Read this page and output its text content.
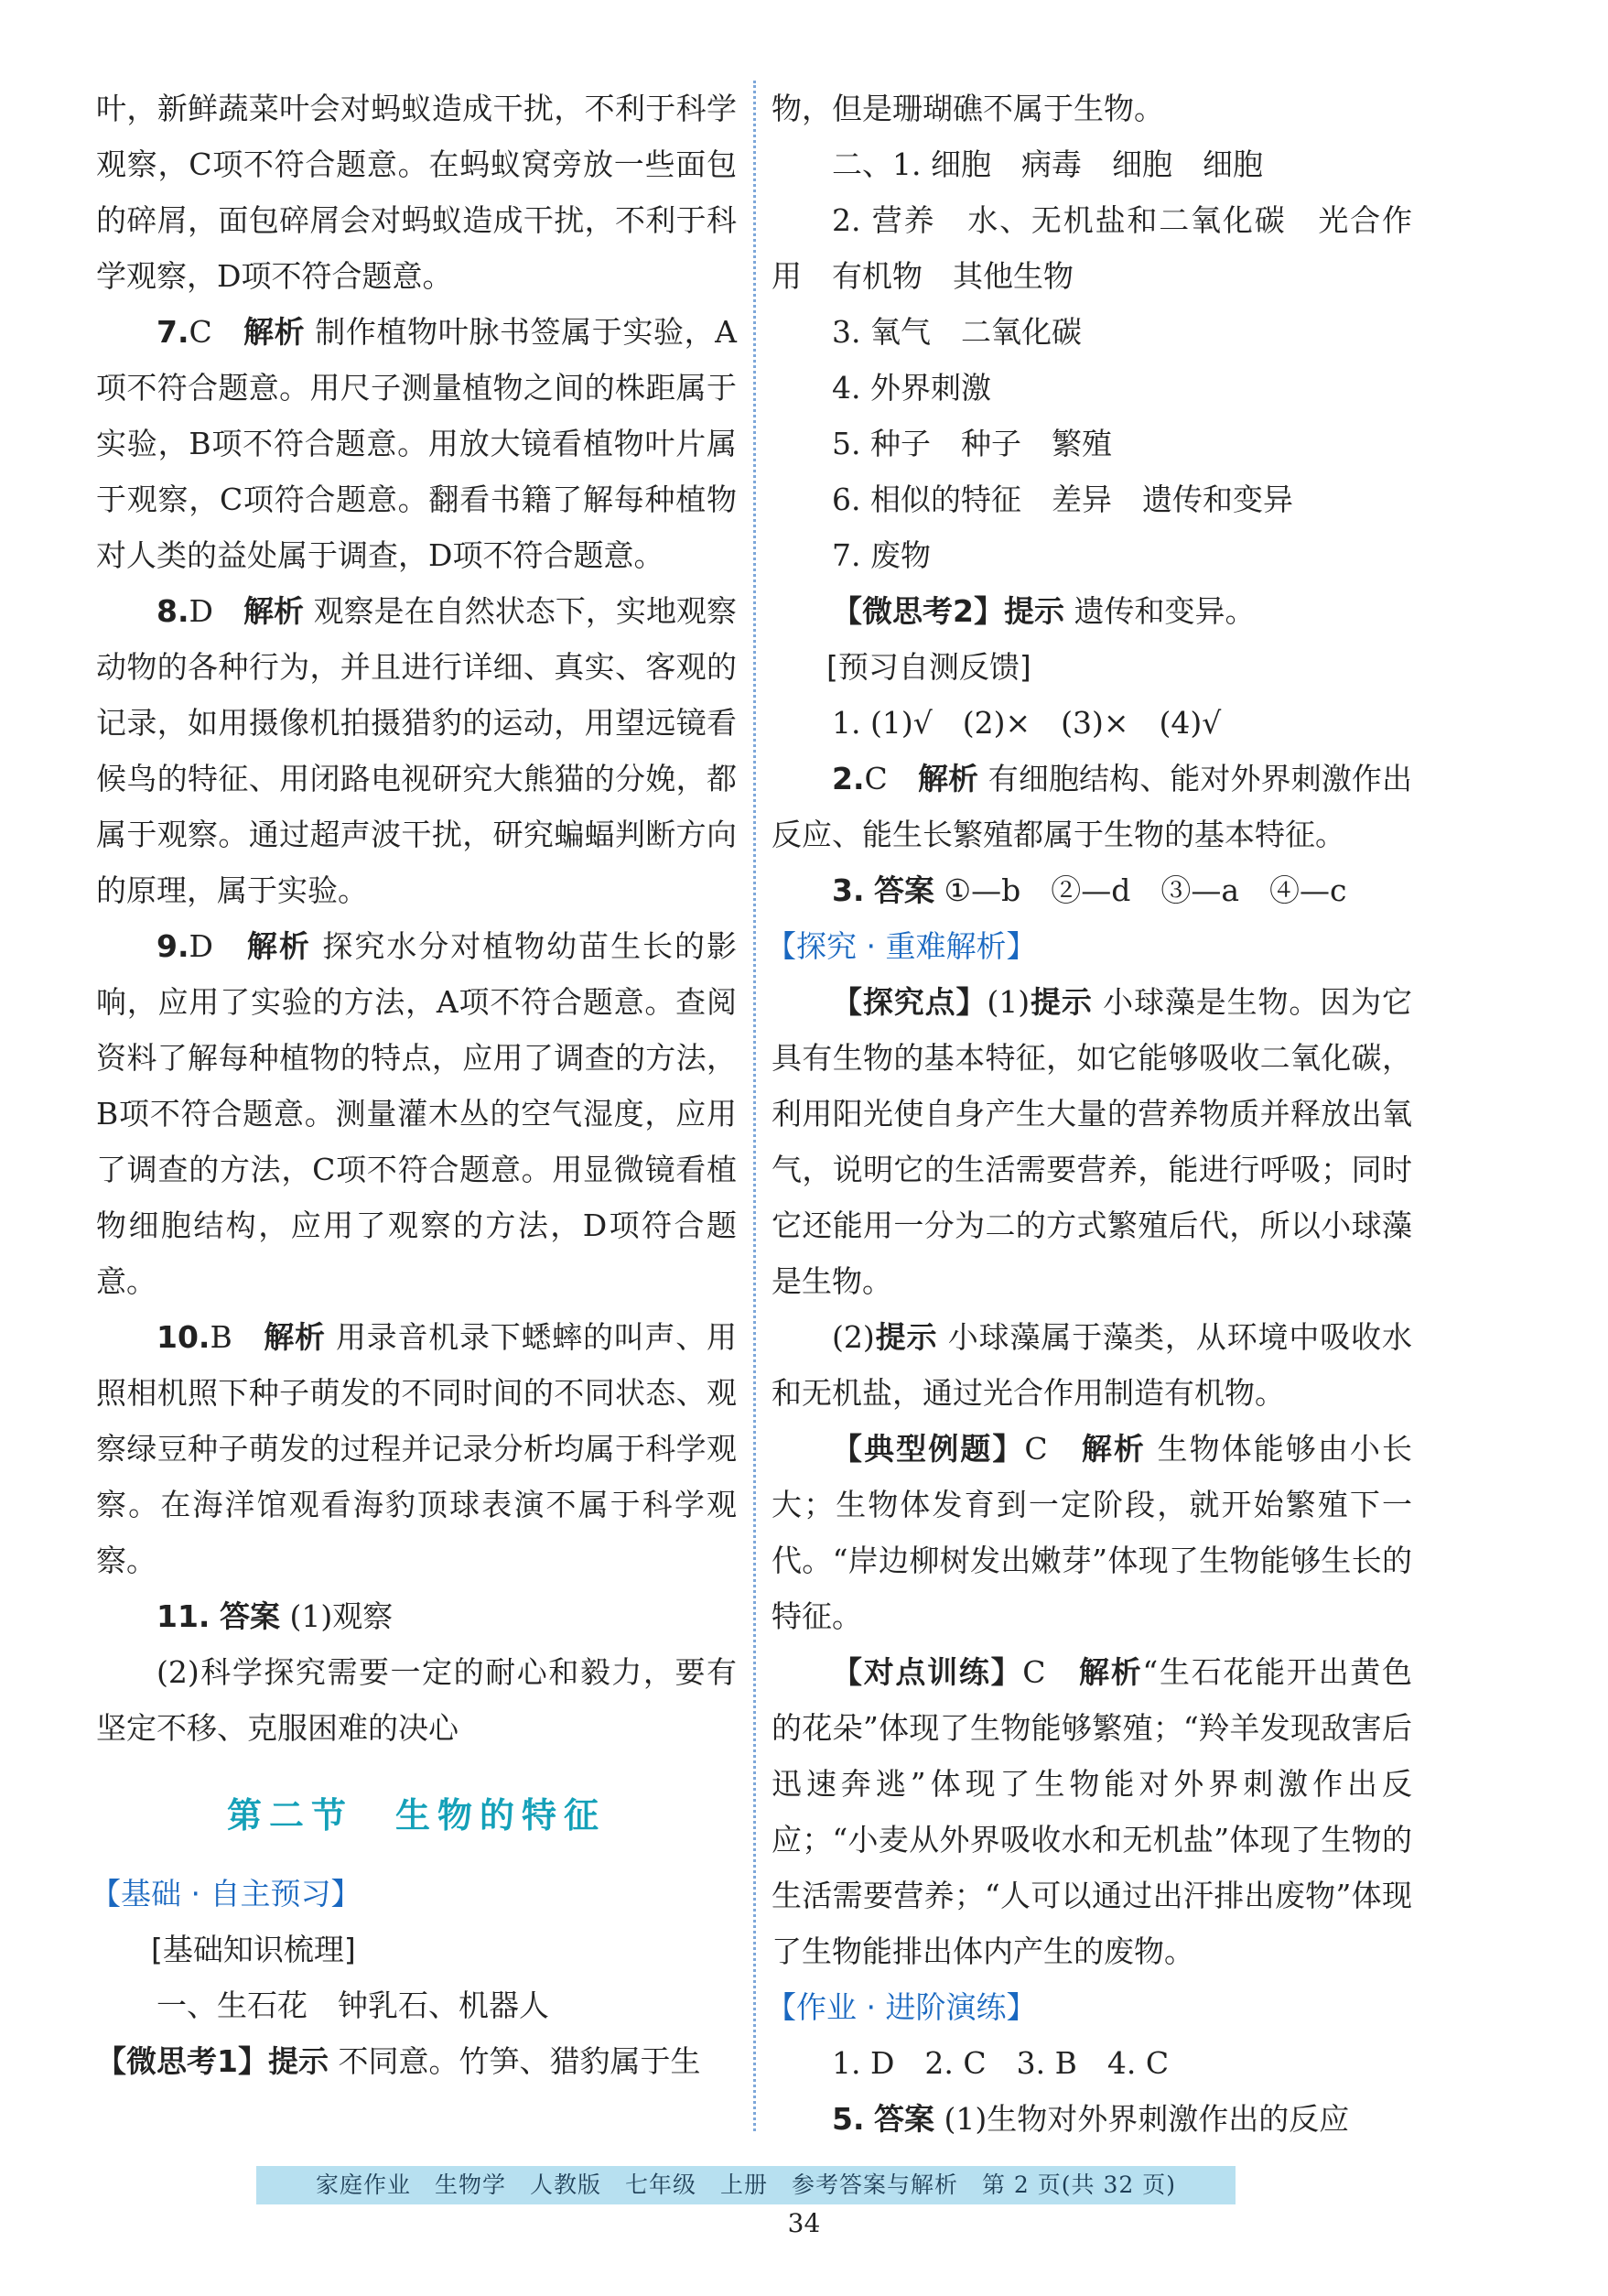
叶，新鲜蔬菜叶会对蚂蚁造成干扰，不利于科学观察，C项不符合题意。在蚂蚁窝旁放一些面包的碎屑，面包碎屑会对蚂蚁造成干扰，不利于科学观察，D项不符合题意。

7.C　 解析 制作植物叶脉书签属于实验，A项不符合题意。用尺子测量植物之间的株距属于实验，B项不符合题意。用放大镜看植物叶片属于观察，C项符合题意。翻看书籍了解每种植物对人类的益处属于调查，D项不符合题意。

8.D　 解析 观察是在自然状态下，实地观察动物的各种行为，并且进行详细、真实、客观的记录，如用摄像机拍摄猎豹的运动，用望远镜看候鸟的特征、用闭路电视研究大熊猫的分娩，都属于观察。通过超声波干扰，研究蝙蝠判断方向的原理，属于实验。

9.D　 解析 探究水分对植物幼苗生长的影响，应用了实验的方法，A项不符合题意。查阅资料了解每种植物的特点，应用了调查的方法，B项不符合题意。测量灌木丛的空气湿度，应用了调查的方法，C项不符合题意。用显微镜看植物细胞结构，应用了观察的方法，D项符合题意。

10.B　 解析 用录音机录下蟋蟀的叫声、用照相机照下种子萌发的不同时间的不同状态、观察绿豆种子萌发的过程并记录分析均属于科学观察。在海洋馆观看海豹顶球表演不属于科学观察。

11. 答案 (1)观察

(2)科学探究需要一定的耐心和毅力，要有坚定不移、克服困难的决心

第二节　生物的特征

【基础 · 自主预习】

[基础知识梳理]

一、生石花　钟乳石、机器人

【微思考1】提示 不同意。竹笋、猎豹属于生

物，但是珊瑚礁不属于生物。

二、1. 细胞　病毒　细胞　细胞

2. 营养　水、无机盐和二氧化碳　光合作用　有机物　其他生物

3. 氧气　二氧化碳

4. 外界刺激

5. 种子　种子　繁殖

6. 相似的特征　差异　遗传和变异

7. 废物

【微思考2】提示 遗传和变异。

[预习自测反馈]

1. (1)√　(2)×　(3)×　(4)√

2.C　 解析 有细胞结构、能对外界刺激作出反应、能生长繁殖都属于生物的基本特征。

3. 答案 ①—b　②—d　③—a　④—c

【探究 · 重难解析】

【探究点】(1)提示 小球藻是生物。因为它具有生物的基本特征，如它能够吸收二氧化碳，利用阳光使自身产生大量的营养物质并释放出氧气，说明它的生活需要营养，能进行呼吸；同时它还能用一分为二的方式繁殖后代，所以小球藻是生物。

(2)提示 小球藻属于藻类，从环境中吸收水和无机盐，通过光合作用制造有机物。

【典型例题】C　 解析 生物体能够由小长大；生物体发育到一定阶段，就开始繁殖下一代。“岸边柳树发出嫩芽”体现了生物能够生长的特征。

【对点训练】C　 解析“生石花能开出黄色的花朵”体现了生物能够繁殖；“羚羊发现敌害后迅速奔逃”体现了生物能对外界刺激作出反应；“小麦从外界吸收水和无机盐”体现了生物的生活需要营养；“人可以通过出汗排出废物”体现了生物能排出体内产生的废物。

【作业 · 进阶演练】

1. D　2. C　3. B　4. C

5. 答案 (1)生物对外界刺激作出的反应

家庭作业　生物学　人教版　七年级　上册　参考答案与解析　第 2 页(共 32 页)
34
